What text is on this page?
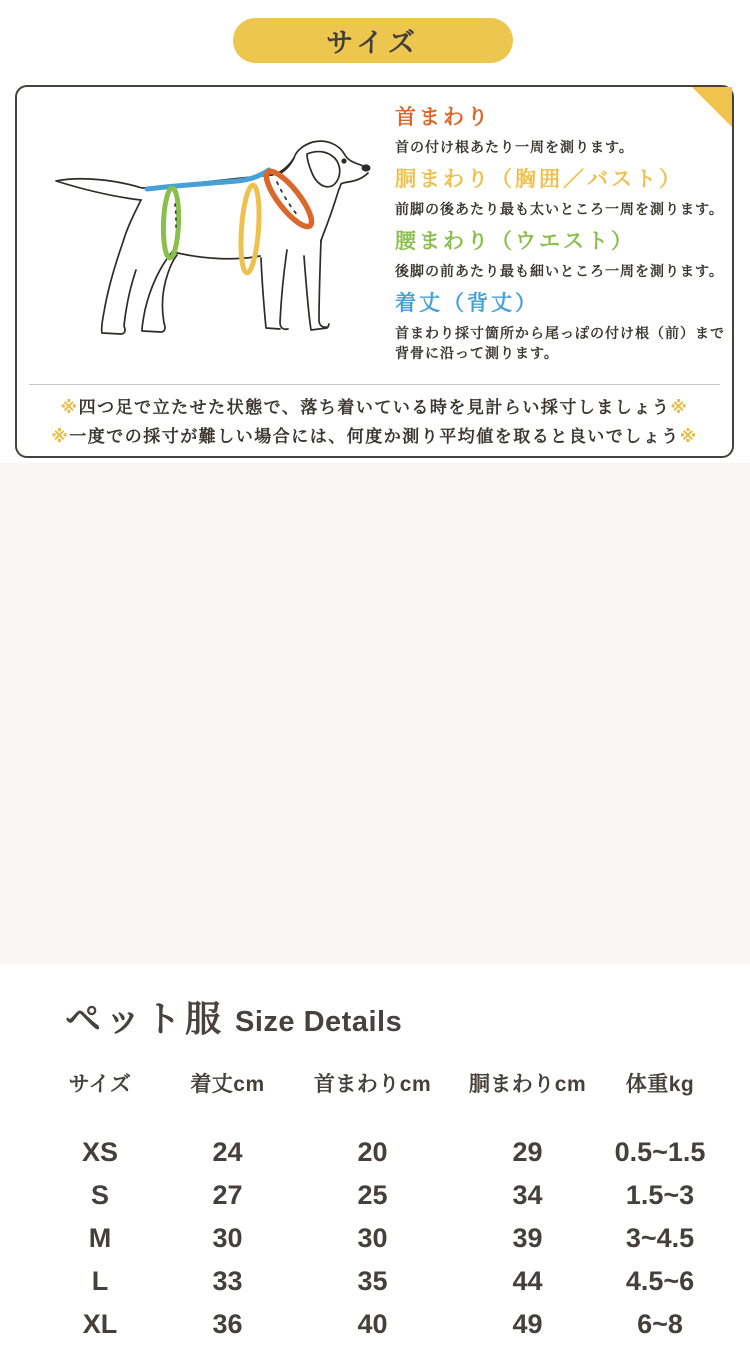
サイズ
首まわり
首の付け根あたり一周を測ります。
胴まわり（胸囲／バスト）
前脚の後あたり最も太いところ一周を測ります。
腰まわり（ウエスト）
後脚の前あたり最も細いところ一周を測ります。
着丈（背丈）
首まわり採寸箇所から尾っぽの付け根（前）まで背骨に沿って測ります。
※四つ足で立たせた状態で、落ち着いている時を見計らい採寸しましょう※
※一度での採寸が難しい場合には、何度か測り平均値を取ると良いでしょう※
ペット服 Size Details
サイズ	着丈cm	首まわりcm	胴まわりcm	体重kg
XS	24	20	29	0.5~1.5
S	27	25	34	1.5~3
M	30	30	39	3~4.5
L	33	35	44	4.5~6
XL	36	40	49	6~8
